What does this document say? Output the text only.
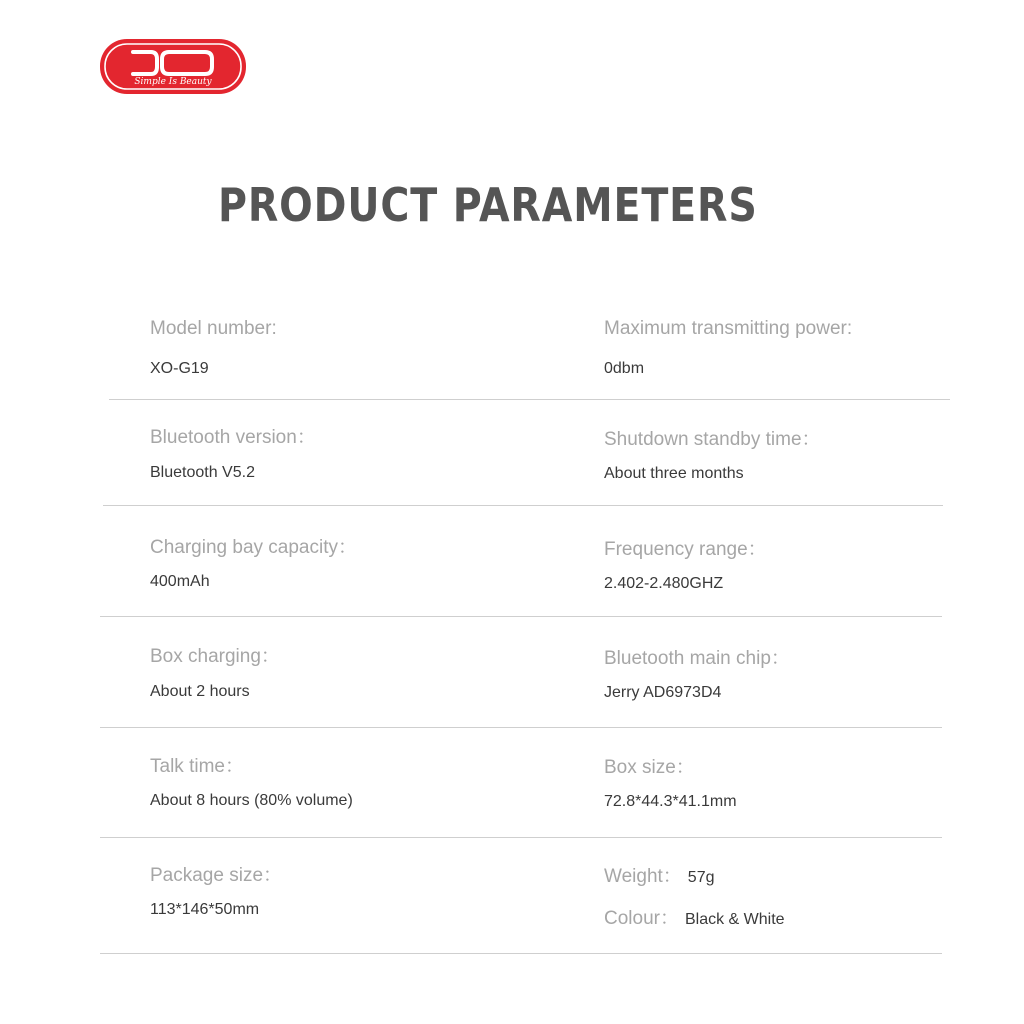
Simple Is Beauty
PRODUCT PARAMETERS
Model number:
XO-G19
Maximum transmitting power:
0dbm
Bluetooth version：
Bluetooth V5.2
Shutdown standby time：
About three months
Charging bay capacity：
400mAh
Frequency range：
2.402-2.480GHZ
Box charging：
About 2 hours
Bluetooth main chip：
Jerry AD6973D4
Talk time：
About 8 hours (80% volume)
Box size：
72.8*44.3*41.1mm
Package size：
113*146*50mm
Weight： 57g
Colour： Black & White
